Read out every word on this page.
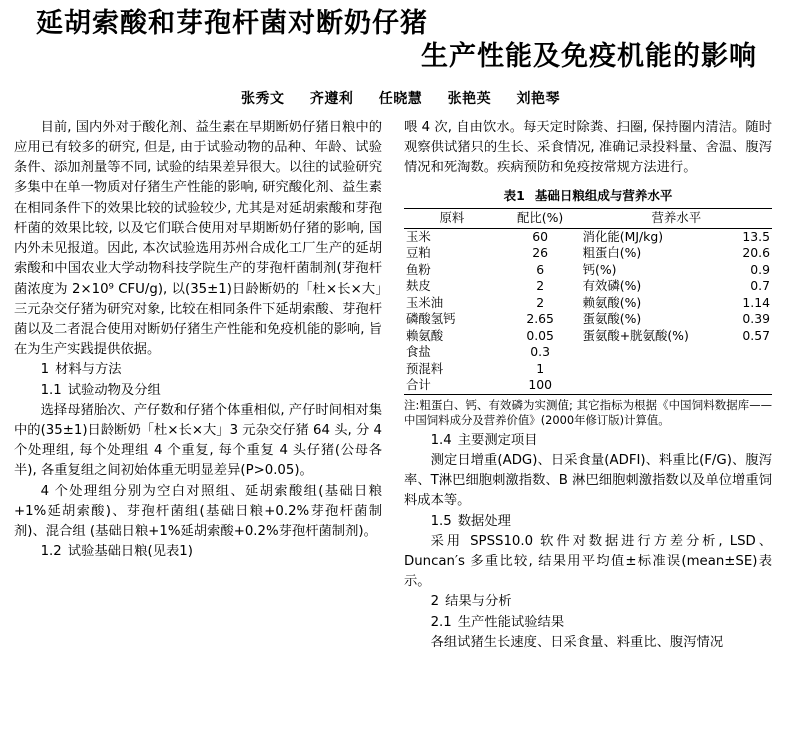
延胡索酸和芽孢杆菌对断奶仔猪
生产性能及免疫机能的影响
张秀文 齐遵利 任晓慧 张艳英 刘艳琴

目前, 国内外对于酸化剂、益生素在早期断奶仔猪日粮中的应用已有较多的研究, 但是, 由于试验动物的品种、年龄、试验条件、添加剂量等不同, 试验的结果差异很大。以往的试验研究多集中在单一物质对仔猪生产性能的影响, 研究酸化剂、益生素在相同条件下的效果比较的试验较少, 尤其是对延胡索酸和芽孢杆菌的效果比较, 以及它们联合使用对早期断奶仔猪的影响, 国内外未见报道。因此, 本次试验选用苏州合成化工厂生产的延胡索酸和中国农业大学动物科技学院生产的芽孢杆菌制剂(芽孢杆菌浓度为 2×10⁹ CFU/g), 以(35±1)日龄断奶的「杜×长×大」三元杂交仔猪为研究对象, 比较在相同条件下延胡索酸、芽孢杆菌以及二者混合使用对断奶仔猪生产性能和免疫机能的影响, 旨在为生产实践提供依据。

1 材料与方法

1.1 试验动物及分组

选择母猪胎次、产仔数和仔猪个体重相似, 产仔时间相对集中的(35±1)日龄断奶「杜×长×大」3 元杂交仔猪 64 头, 分 4 个处理组, 每个处理组 4 个重复, 每个重复 4 头仔猪(公母各半), 各重复组之间初始体重无明显差异(P>0.05)。

4 个处理组分别为空白对照组、延胡索酸组(基础日粮+1%延胡索酸)、芽孢杆菌组(基础日粮+0.2%芽孢杆菌制剂)、混合组 (基础日粮+1%延胡索酸+0.2%芽孢杆菌制剂)。

1.2 试验基础日粮(见表1)

喂 4 次, 自由饮水。每天定时除粪、扫圈, 保持圈内清洁。随时观察供试猪只的生长、采食情况, 准确记录投料量、舍温、腹泻情况和死淘数。疾病预防和免疫按常规方法进行。

表1 基础日粮组成与营养水平
原料	配比(%)	营养水平	
玉米	60	消化能(MJ/kg)	13.5
豆粕	26	粗蛋白(%)	20.6
鱼粉	6	钙(%)	0.9
麸皮	2	有效磷(%)	0.7
玉米油	2	赖氨酸(%)	1.14
磷酸氢钙	2.65	蛋氨酸(%)	0.39
赖氨酸	0.05	蛋氨酸+胱氨酸(%)	0.57
食盐	0.3		
预混料	1		
合计	100		
注:粗蛋白、钙、有效磷为实测值; 其它指标为根据《中国饲料数据库——中国饲料成分及营养价值》(2000年修订版)计算值。

1.4 主要测定项目

测定日增重(ADG)、日采食量(ADFI)、料重比(F/G)、腹泻率、T淋巴细胞刺激指数、B 淋巴细胞刺激指数以及单位增重饲料成本等。

1.5 数据处理

采用 SPSS10.0 软件对数据进行方差分析, LSD、Duncan′s 多重比较, 结果用平均值±标准误(mean±SE)表示。

2 结果与分析

2.1 生产性能试验结果

各组试猪生长速度、日采食量、料重比、腹泻情况
